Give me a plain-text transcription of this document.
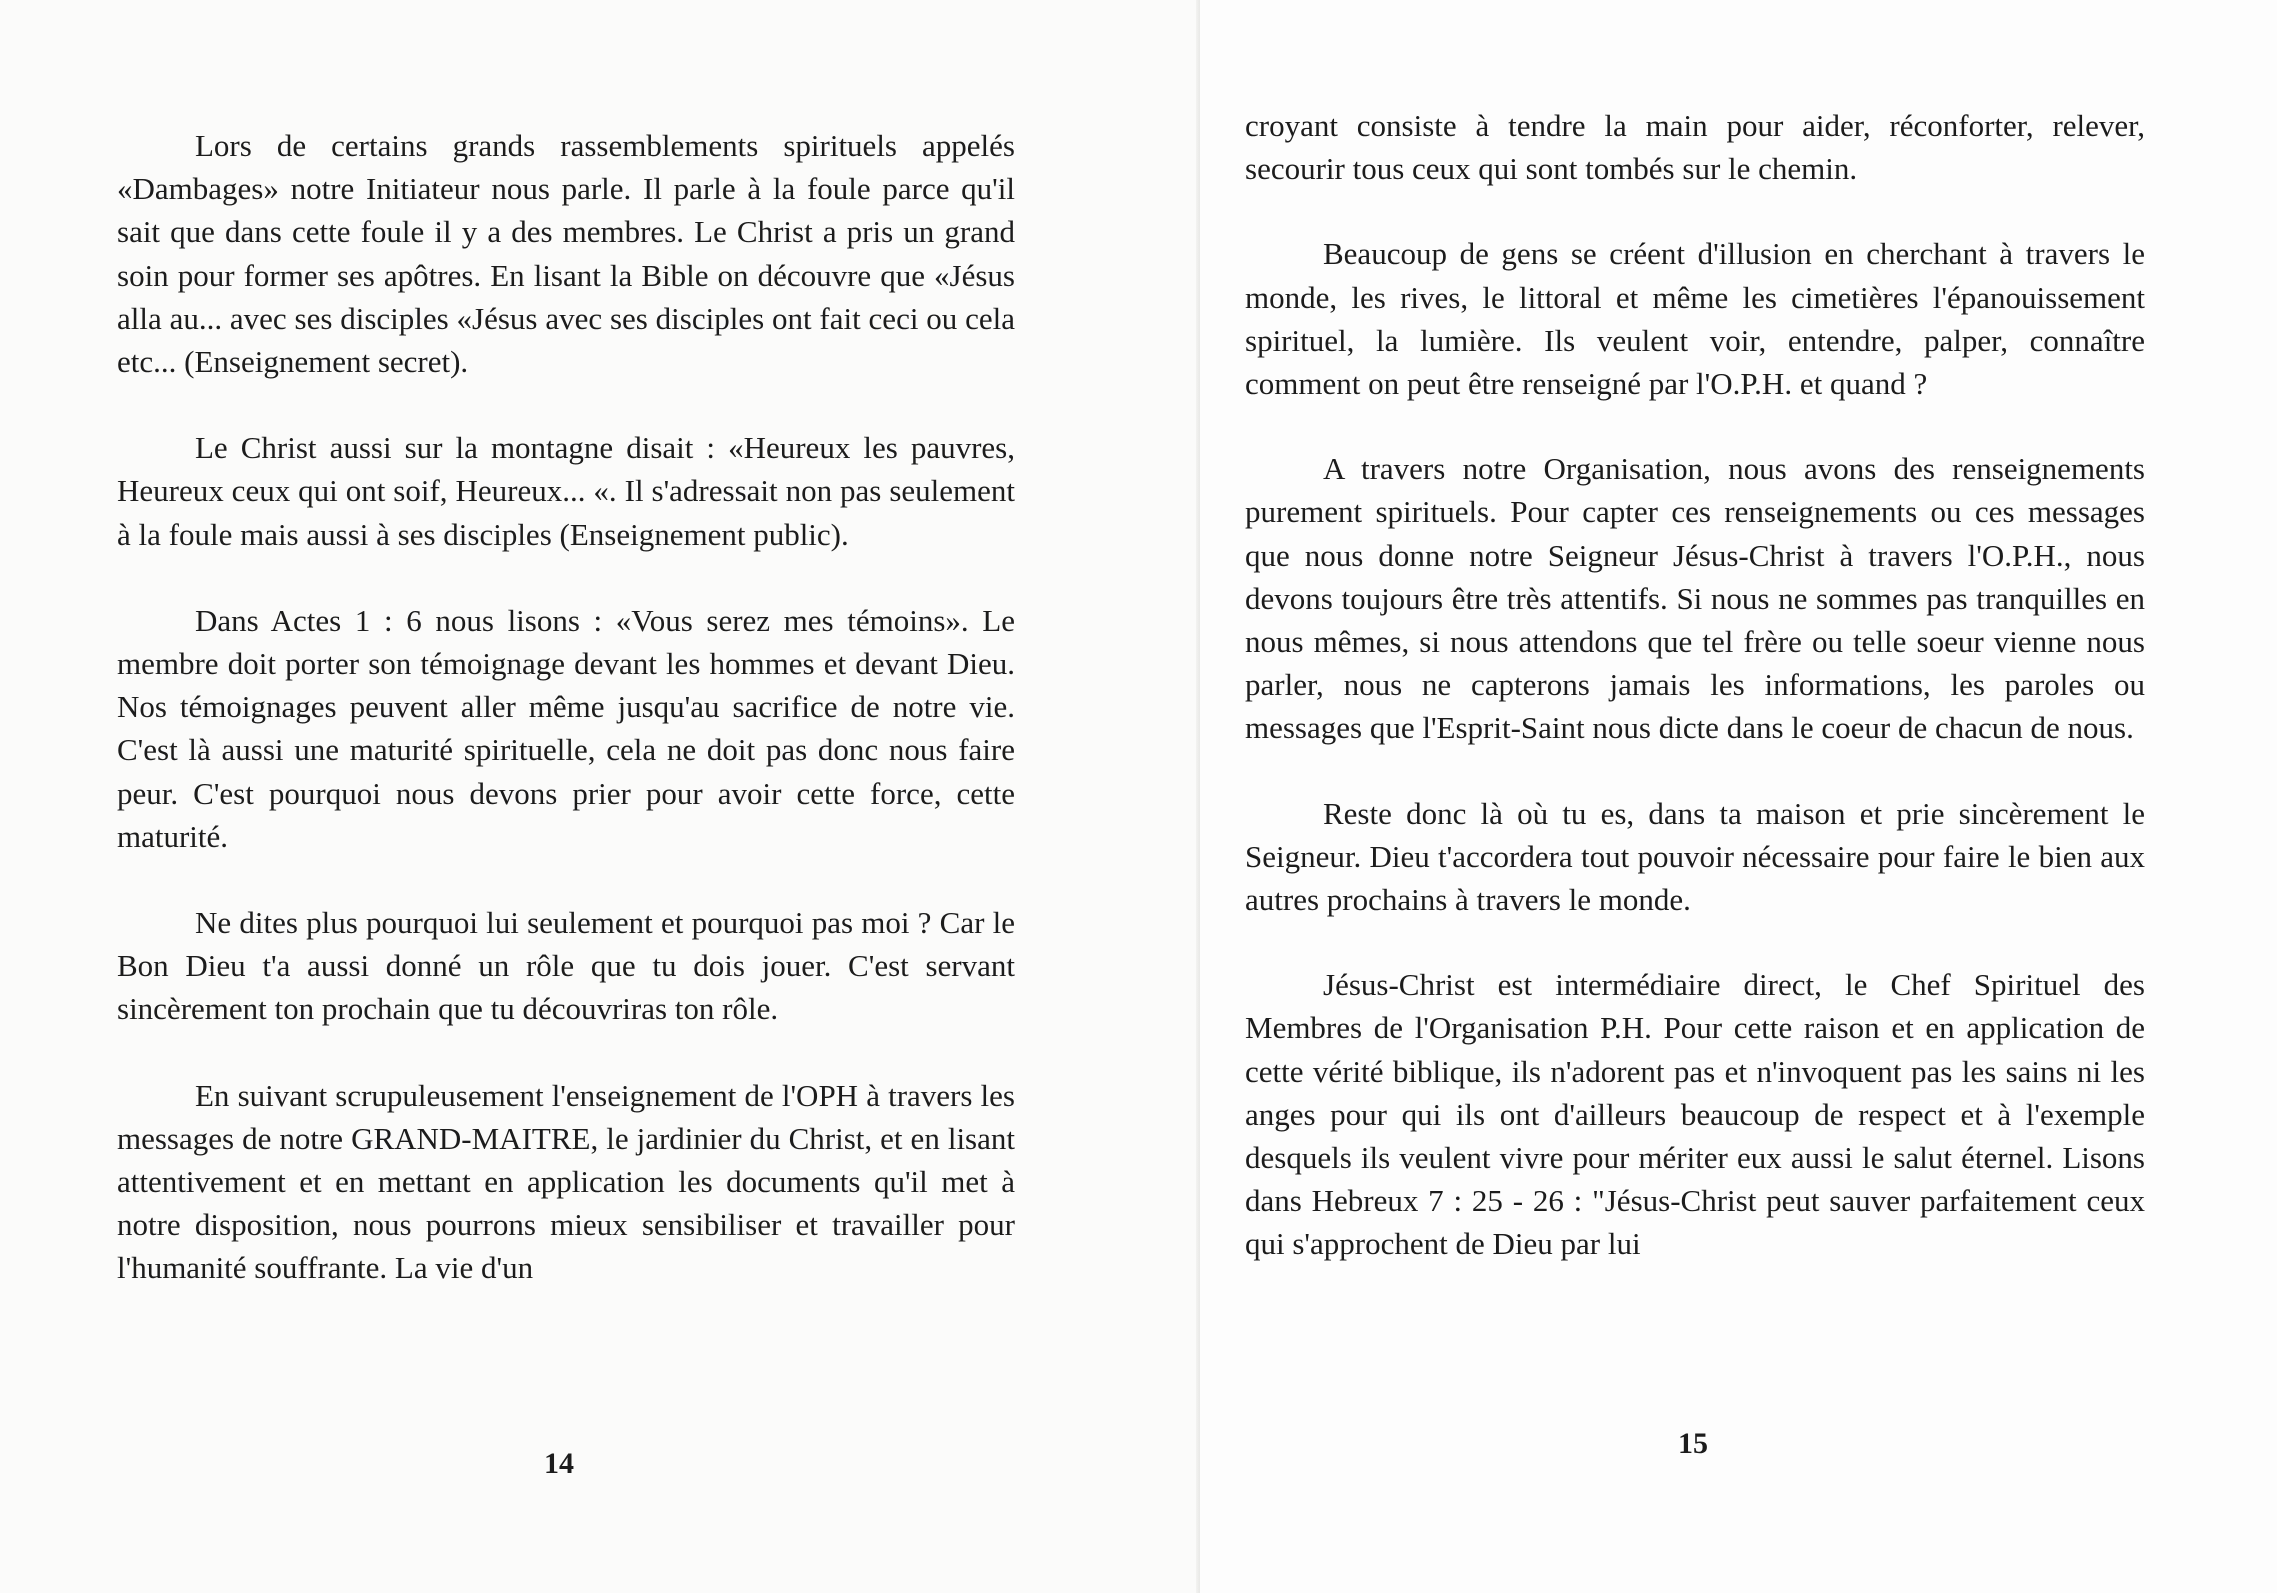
Lors de certains grands rassemblements spirituels appelés «Dambages» notre Initiateur nous parle. Il parle à la foule parce qu'il sait que dans cette foule il y a des membres. Le Christ a pris un grand soin pour former ses apôtres. En lisant la Bible on découvre que «Jésus alla au... avec ses disciples «Jésus avec ses disciples ont fait ceci ou cela etc... (Enseignement secret).

Le Christ aussi sur la montagne disait : «Heureux les pauvres, Heureux ceux qui ont soif, Heureux... «. Il s'adressait non pas seulement à la foule mais aussi à ses disciples (Enseignement public).

Dans Actes 1 : 6 nous lisons : «Vous serez mes témoins». Le membre doit porter son témoignage devant les hommes et devant Dieu. Nos témoignages peuvent aller même jusqu'au sacrifice de notre vie. C'est là aussi une maturité spirituelle, cela ne doit pas donc nous faire peur. C'est pourquoi nous devons prier pour avoir cette force, cette maturité.

Ne dites plus pourquoi lui seulement et pourquoi pas moi ? Car le Bon Dieu t'a aussi donné un rôle que tu dois jouer. C'est servant sincèrement ton prochain que tu découvriras ton rôle.

En suivant scrupuleusement l'enseignement de l'OPH à travers les messages de notre GRAND-MAITRE, le jardinier du Christ, et en lisant attentivement et en mettant en application les documents qu'il met à notre disposition, nous pourrons mieux sensibiliser et travailler pour l'humanité souffrante. La vie d'un

14

croyant consiste à tendre la main pour aider, réconforter, relever, secourir tous ceux qui sont tombés sur le chemin.

Beaucoup de gens se créent d'illusion en cherchant à travers le monde, les rives, le littoral et même les cimetières l'épanouissement spirituel, la lumière. Ils veulent voir, entendre, palper, connaître comment on peut être renseigné par l'O.P.H. et quand ?

A travers notre Organisation, nous avons des renseignements purement spirituels. Pour capter ces renseignements ou ces messages que nous donne notre Seigneur Jésus-Christ à travers l'O.P.H., nous devons toujours être très attentifs. Si nous ne sommes pas tranquilles en nous mêmes, si nous attendons que tel frère ou telle soeur vienne nous parler, nous ne capterons jamais les informations, les paroles ou messages que l'Esprit-Saint nous dicte dans le coeur de chacun de nous.

Reste donc là où tu es, dans ta maison et prie sincèrement le Seigneur. Dieu t'accordera tout pouvoir nécessaire pour faire le bien aux autres prochains à travers le monde.

Jésus-Christ est intermédiaire direct, le Chef Spirituel des Membres de l'Organisation P.H. Pour cette raison et en application de cette vérité biblique, ils n'adorent pas et n'invoquent pas les sains ni les anges pour qui ils ont d'ailleurs beaucoup de respect et à l'exemple desquels ils veulent vivre pour mériter eux aussi le salut éternel. Lisons dans Hebreux 7 : 25 - 26 : "Jésus-Christ peut sauver parfaitement ceux qui s'approchent de Dieu par lui

15
